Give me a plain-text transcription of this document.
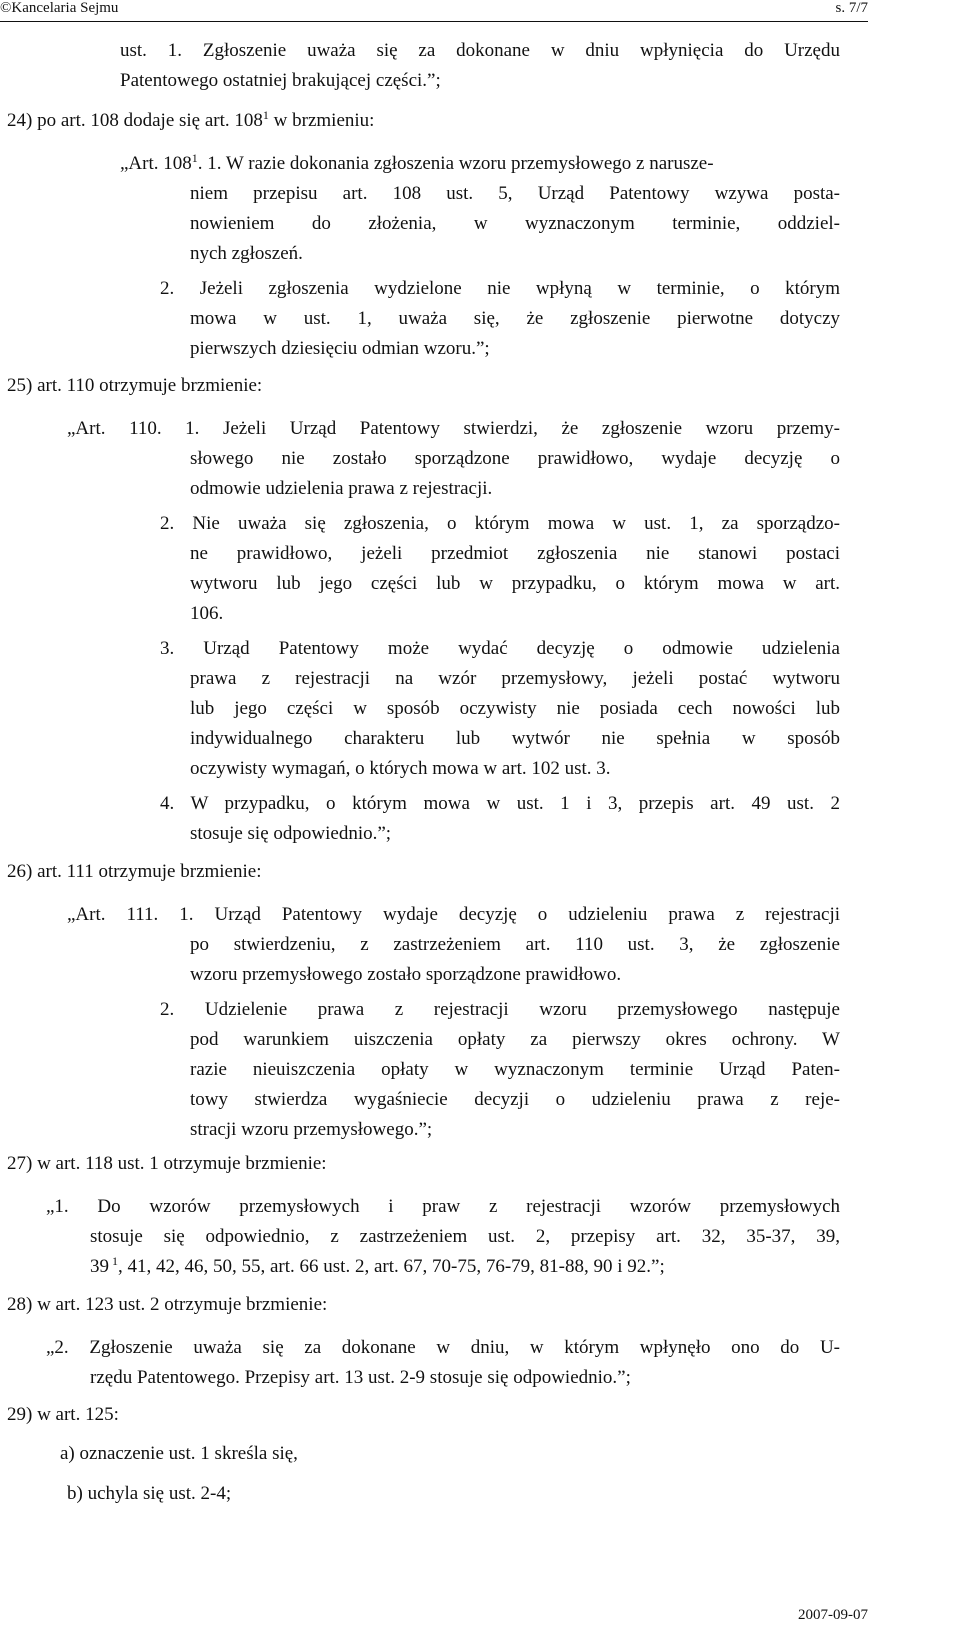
©Kancelaria Sejmu	s. 7/7
ust. 1. Zgłoszenie uważa się za dokonane w dniu wpłynięcia do Urzędu
Patentowego ostatniej brakującej części.”;
24) po art. 108 dodaje się art. $108^1$ w brzmieniu:
„Art. $108^1$. 1. W razie dokonania zgłoszenia wzoru przemysłowego z narusze-
niem przepisu art. 108 ust. 5, Urząd Patentowy wzywa posta-
nowieniem do złożenia, w wyznaczonym terminie, oddziel-
nych zgłoszeń.
2. Jeżeli zgłoszenia wydzielone nie wpłyną w terminie, o którym
mowa w ust. 1, uważa się, że zgłoszenie pierwotne dotyczy
pierwszych dziesięciu odmian wzoru.”;
25) art. 110 otrzymuje brzmienie:
„Art. 110. 1. Jeżeli Urząd Patentowy stwierdzi, że zgłoszenie wzoru przemy-
słowego nie zostało sporządzone prawidłowo, wydaje decyzję o
odmowie udzielenia prawa z rejestracji.
2. Nie uważa się zgłoszenia, o którym mowa w ust. 1, za sporządzo-
ne prawidłowo, jeżeli przedmiot zgłoszenia nie stanowi postaci
wytworu lub jego części lub w przypadku, o którym mowa w art.
106.
3. Urząd Patentowy może wydać decyzję o odmowie udzielenia
prawa z rejestracji na wzór przemysłowy, jeżeli postać wytworu
lub jego części w sposób oczywisty nie posiada cech nowości lub
indywidualnego charakteru lub wytwór nie spełnia w sposób
oczywisty wymagań, o których mowa w art. 102 ust. 3.
4. W przypadku, o którym mowa w ust. 1 i 3, przepis art. 49 ust. 2
stosuje się odpowiednio.”;
26) art. 111 otrzymuje brzmienie:
„Art. 111. 1. Urząd Patentowy wydaje decyzję o udzieleniu prawa z rejestracji
po stwierdzeniu, z zastrzeżeniem art. 110 ust. 3, że zgłoszenie
wzoru przemysłowego zostało sporządzone prawidłowo.
2. Udzielenie prawa z rejestracji wzoru przemysłowego następuje
pod warunkiem uiszczenia opłaty za pierwszy okres ochrony. W
razie nieuiszczenia opłaty w wyznaczonym terminie Urząd Paten-
towy stwierdza wygaśniecie decyzji o udzieleniu prawa z reje-
stracji wzoru przemysłowego.”;
27) w art. 118 ust. 1 otrzymuje brzmienie:
„1. Do wzorów przemysłowych i praw z rejestracji wzorów przemysłowych
stosuje się odpowiednio, z zastrzeżeniem ust. 2, przepisy art. 32, 35-37, 39,
39 $^1$, 41, 42, 46, 50, 55, art. 66 ust. 2, art. 67, 70-75, 76-79, 81-88, 90 i 92.”;
28) w art. 123 ust. 2 otrzymuje brzmienie:
„2. Zgłoszenie uważa się za dokonane w dniu, w którym wpłynęło ono do U-
rzędu Patentowego. Przepisy art. 13 ust. 2-9 stosuje się odpowiednio.”;
29) w art. 125:
a) oznaczenie ust. 1 skreśla się,
b) uchyla się ust. 2-4;
2007-09-07
